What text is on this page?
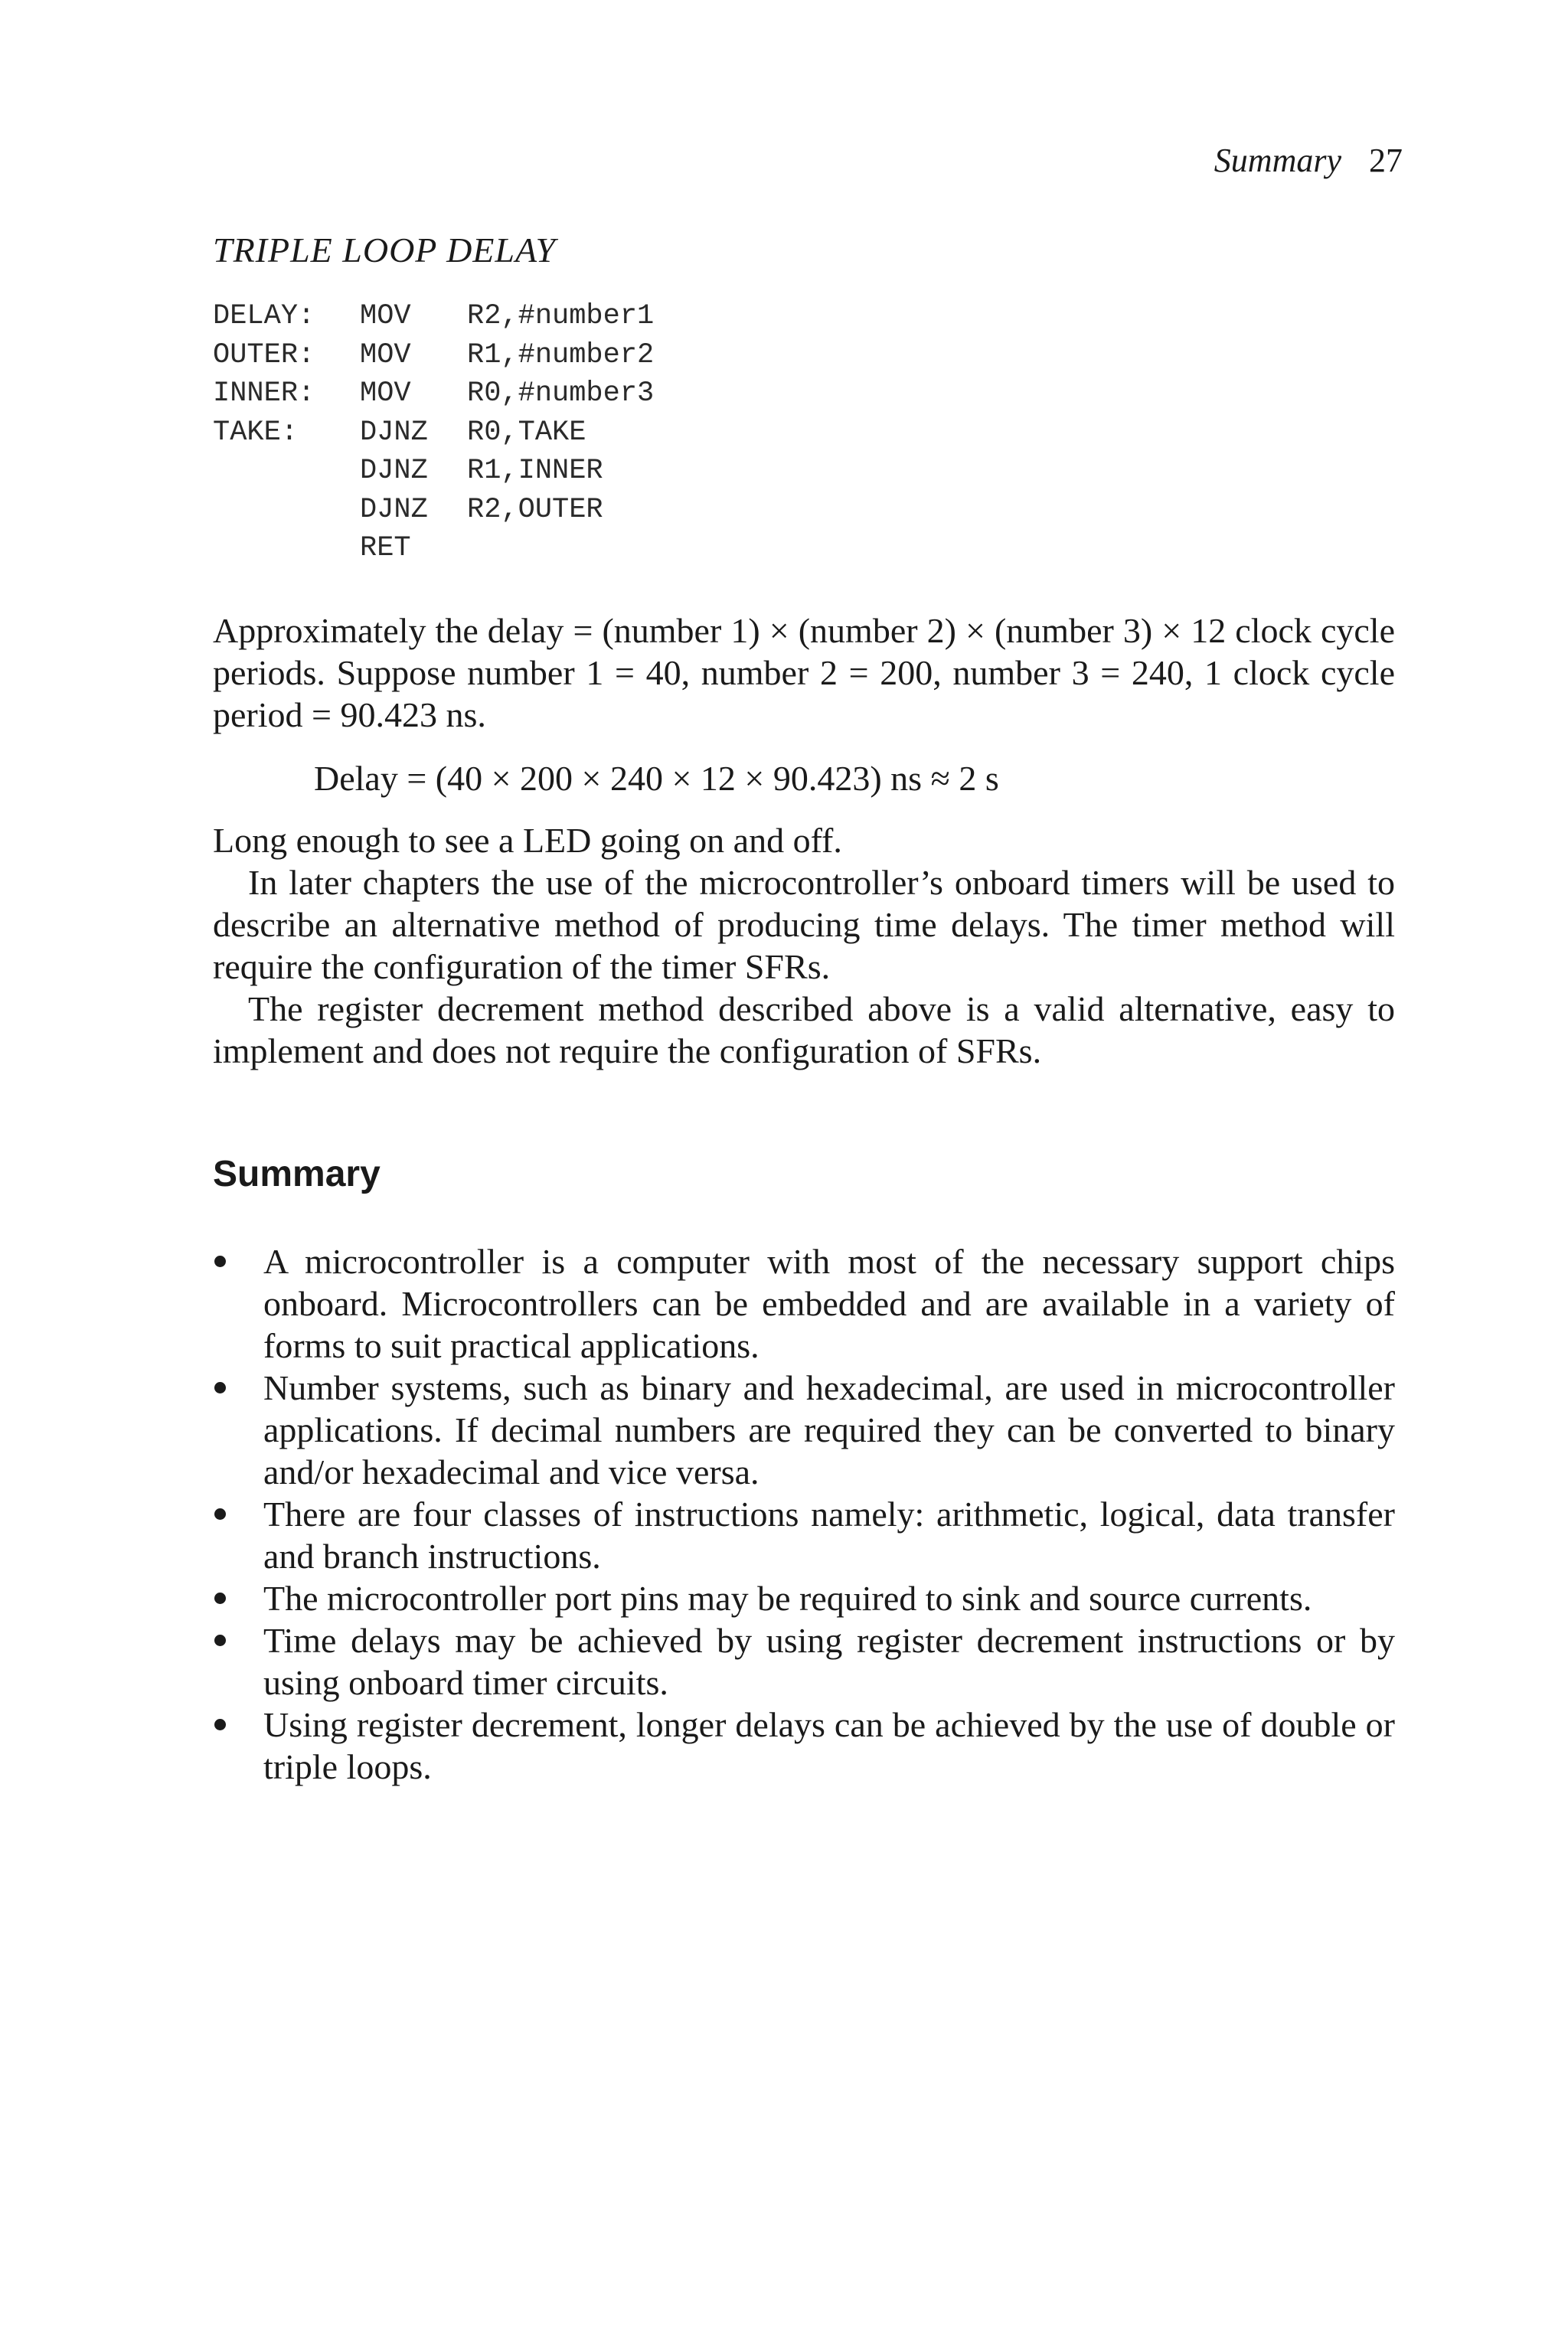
Summary 27
TRIPLE LOOP DELAY
DELAY: MOV R2,#number1
OUTER: MOV R1,#number2
INNER: MOV R0,#number3
TAKE: DJNZ R0,TAKE
DJNZ R1,INNER
DJNZ R2,OUTER
RET

Approximately the delay = (number 1) × (number 2) × (number 3) × 12 clock cycle periods. Suppose number 1 = 40, number 2 = 200, number 3 = 240, 1 clock cycle period = 90.423 ns.

Delay = (40 × 200 × 240 × 12 × 90.423) ns ≈ 2 s

Long enough to see a LED going on and off.

In later chapters the use of the microcontroller’s onboard timers will be used to describe an alternative method of producing time delays. The timer method will require the configuration of the timer SFRs.

The register decrement method described above is a valid alternative, easy to implement and does not require the configuration of SFRs.

Summary
A microcontroller is a computer with most of the necessary support chips onboard. Microcontrollers can be embedded and are available in a variety of forms to suit practical applications.
Number systems, such as binary and hexadecimal, are used in microcontroller applications. If decimal numbers are required they can be converted to binary and/or hexadecimal and vice versa.
There are four classes of instructions namely: arithmetic, logical, data transfer and branch instructions.
The microcontroller port pins may be required to sink and source currents.
Time delays may be achieved by using register decrement instructions or by using onboard timer circuits.
Using register decrement, longer delays can be achieved by the use of double or triple loops.
